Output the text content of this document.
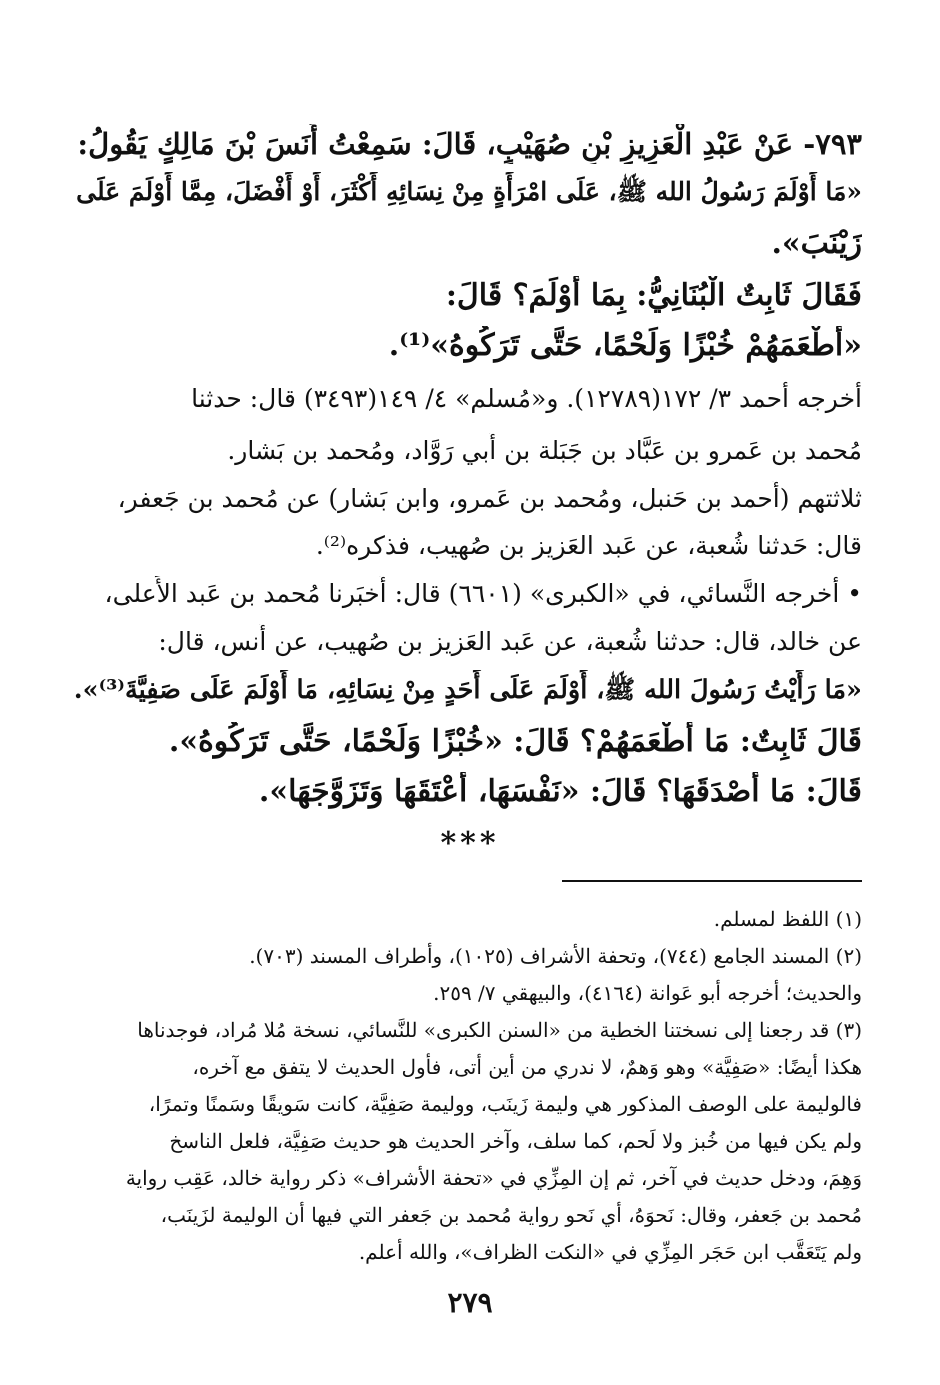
٧٩٣- عَنْ عَبْدِ الْعَزِيزِ بْنِ صُهَيْبٍ، قَالَ: سَمِعْتُ أَنَسَ بْنَ مَالِكٍ يَقُولُ:
«مَا أَوْلَمَ رَسُولُ الله ﷺ، عَلَى امْرَأَةٍ مِنْ نِسَائِهِ أَكْثَرَ، أَوْ أَفْضَلَ، مِمَّا أَوْلَمَ عَلَى
زَيْنَبَ».
فَقَالَ ثَابِتٌ الْبُنَانِيُّ: بِمَا أَوْلَمَ؟ قَالَ:
«أَطْعَمَهُمْ خُبْزًا وَلَحْمًا، حَتَّى تَرَكُوهُ»⁽¹⁾.
أخرجه أحمد ٣/ ١٧٢(١٢٧٨٩). و«مُسلم» ٤/ ١٤٩(٣٤٩٣) قال: حدثنا
مُحمد بن عَمرو بن عَبَّاد بن جَبَلة بن أَبي رَوَّاد، ومُحمد بن بَشار.
ثلاثتهم (أَحمد بن حَنبل، ومُحمد بن عَمرو، وابن بَشار) عن مُحمد بن جَعفر،
قال: حَدثنا شُعبة، عن عَبد العَزيز بن صُهيب، فذكره⁽²⁾.
• أخرجه النَّسائي، في «الكبرى» (٦٦٠١) قال: أَخبَرنا مُحمد بن عَبد الأَعلى،
عن خالد، قال: حدثنا شُعبة، عن عَبد العَزيز بن صُهيب، عن أَنس، قال:
«مَا رَأَيْتُ رَسُولَ الله ﷺ، أَوْلَمَ عَلَى أَحَدٍ مِنْ نِسَائِهِ، مَا أَوْلَمَ عَلَى صَفِيَّةَ⁽³⁾».
قَالَ ثَابِتٌ: مَا أَطْعَمَهُمْ؟ قَالَ: «خُبْزًا وَلَحْمًا، حَتَّى تَرَكُوهُ».
قَالَ: مَا أَصْدَقَهَا؟ قَالَ: «نَفْسَهَا، أَعْتَقَهَا وَتَزَوَّجَهَا».
***
(١) اللفظ لمسلم.
(٢) المسند الجامع (٧٤٤)، وتحفة الأشراف (١٠٢٥)، وأطراف المسند (٧٠٣).
والحديث؛ أخرجه أبو عَوانة (٤١٦٤)، والبيهقي ٧/ ٢٥٩.
(٣) قد رجعنا إلى نسختنا الخطية من «السنن الكبرى» للنَّسائي، نسخة مُلا مُراد، فوجدناها
هكذا أيضًا: «صَفِيَّة» وهو وَهمٌ، لا ندري من أين أتى، فأول الحديث لا يتفق مع آخره،
فالوليمة على الوصف المذكور هي وليمة زَينَب، ووليمة صَفِيَّة، كانت سَويقًا وسَمنًا وتمرًا،
ولم يكن فيها من خُبز ولا لَحم، كما سلف، وآخر الحديث هو حديث صَفِيَّة، فلعل الناسخ
وَهِمَ، ودخل حديث في آخر، ثم إن المِزِّي في «تحفة الأشراف» ذكر رواية خالد، عَقِب رواية
مُحمد بن جَعفر، وقال: نَحوَهُ، أي نَحو رواية مُحمد بن جَعفر التي فيها أن الوليمة لزَينَب،
ولم يَتَعَقَّب ابن حَجَر المِزِّي في «النكت الظراف»، والله أعلم.
٢٧٩
